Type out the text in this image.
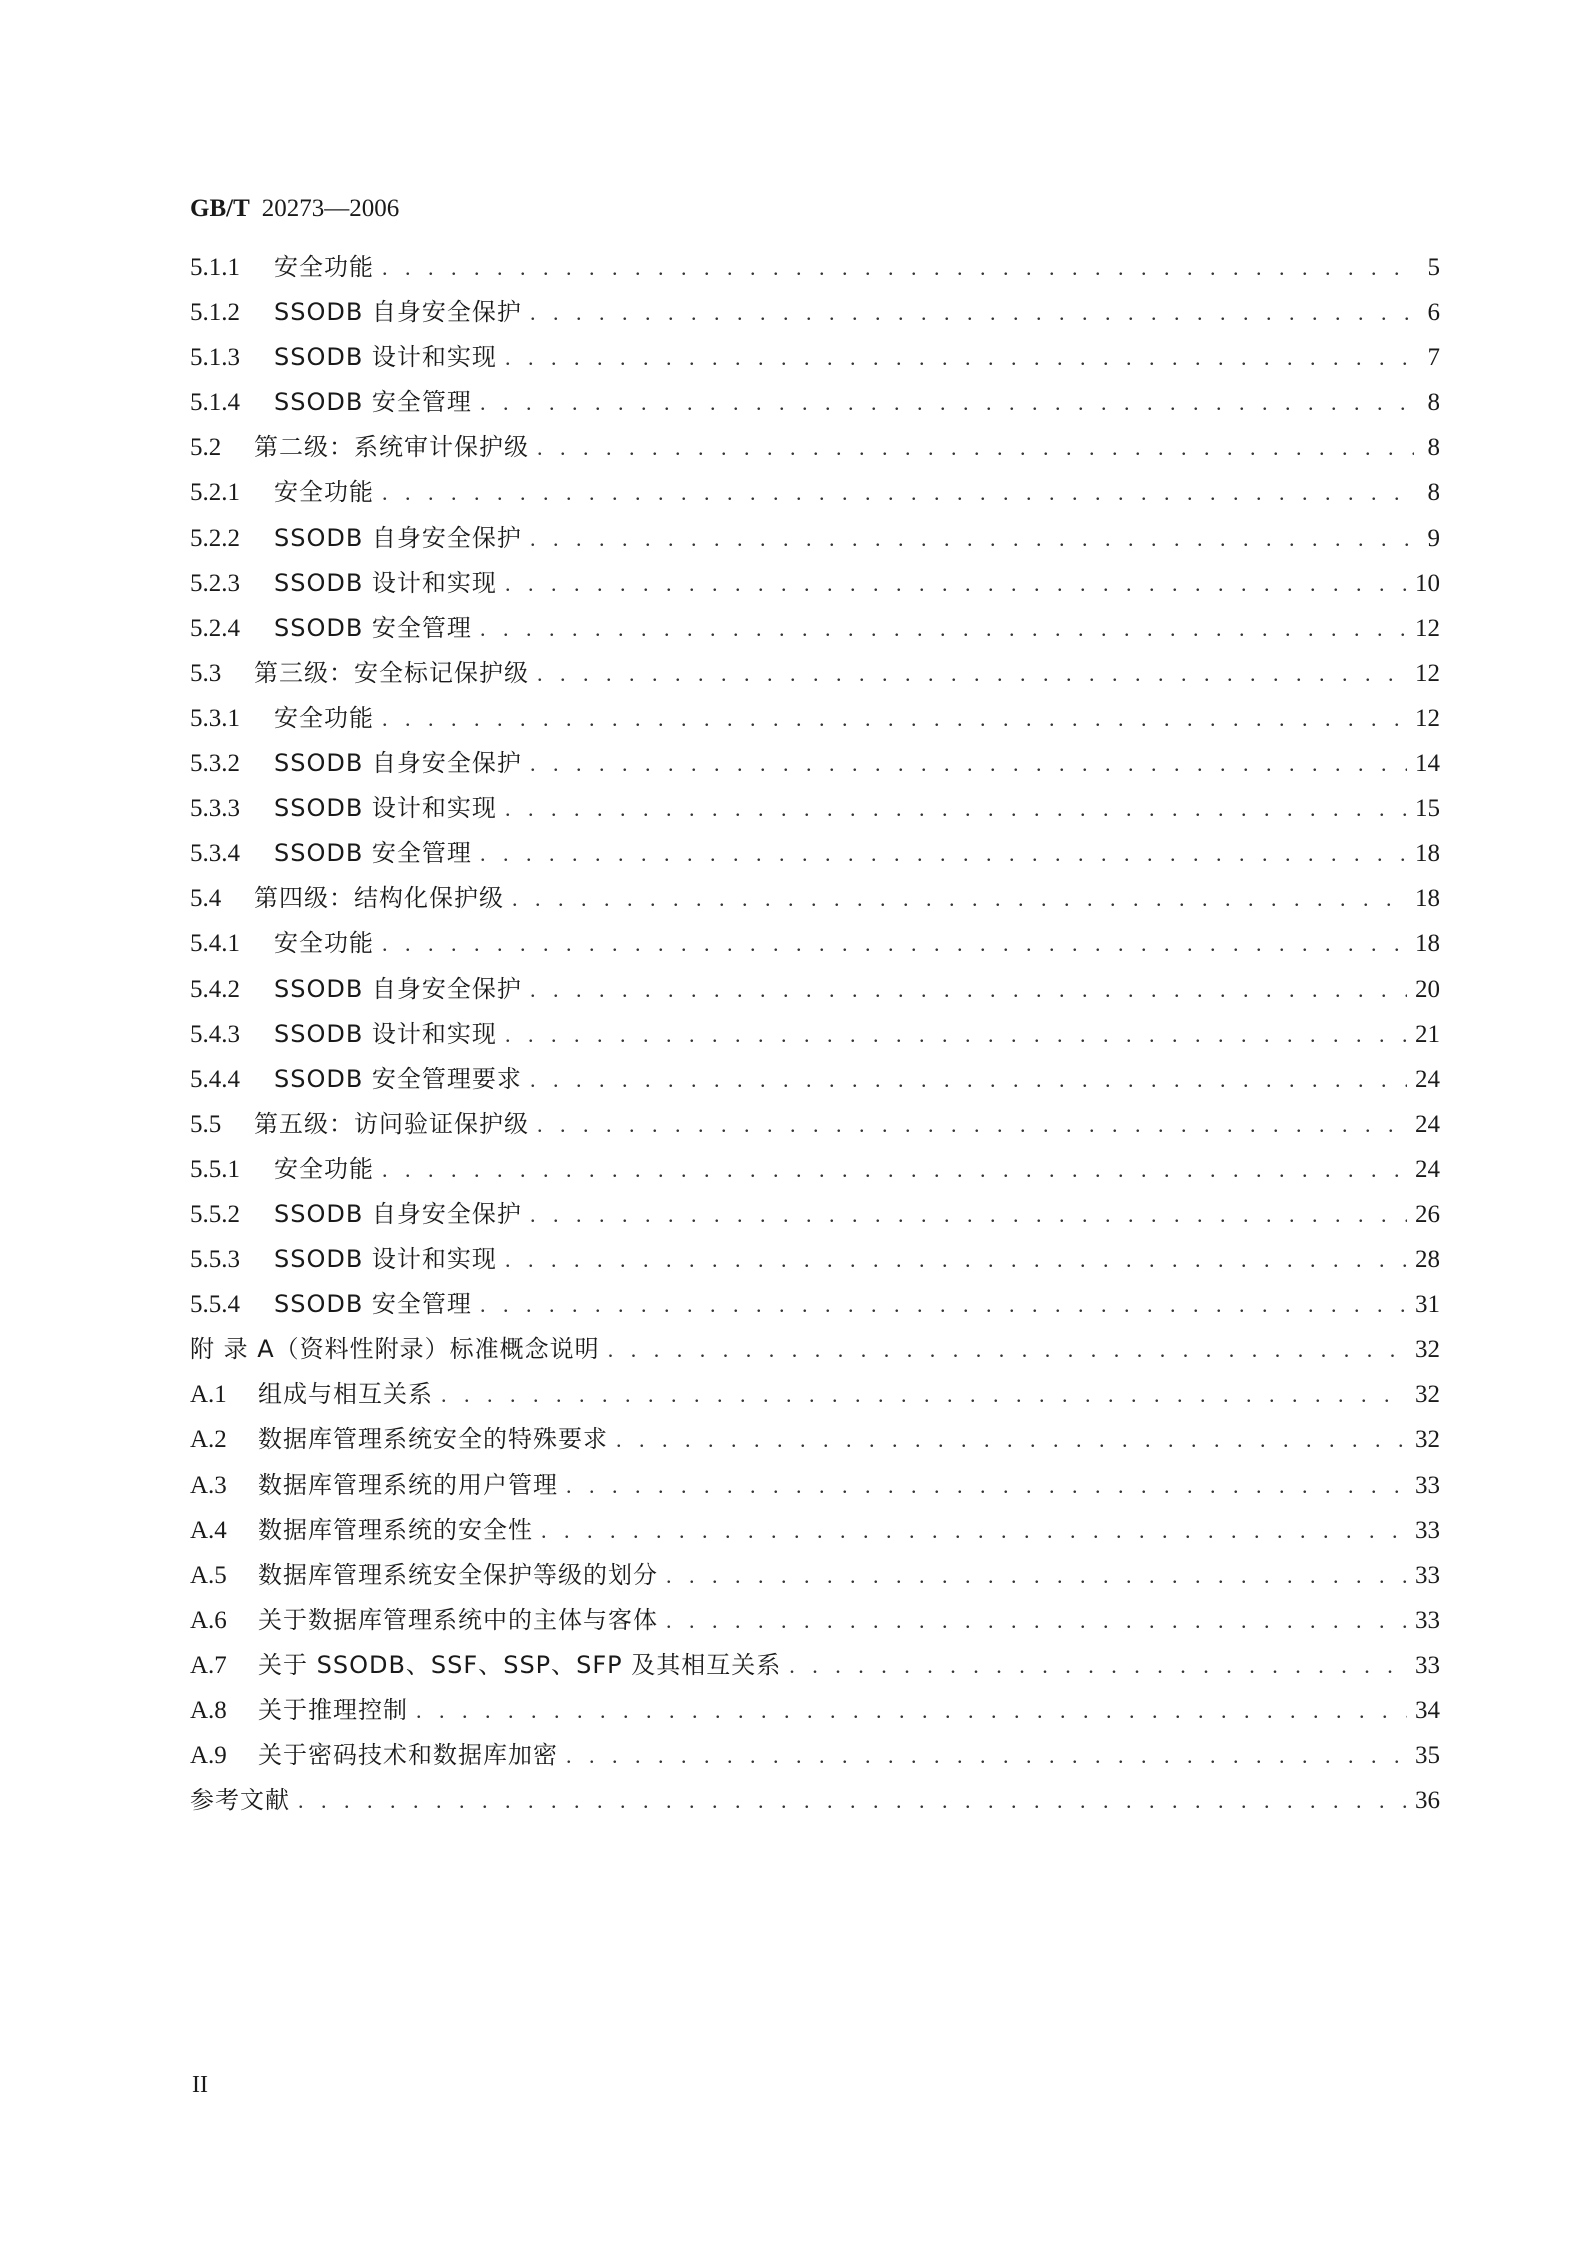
GB/T 20273—2006
5.1.1	安全功能 . . .	5
5.1.2	SSODB 自身安全保护 . . .	6
5.1.3	SSODB 设计和实现 . . .	7
5.1.4	SSODB 安全管理 . . .	8
5.2	第二级：系统审计保护级 . . .	8
5.2.1	安全功能 . . .	8
5.2.2	SSODB 自身安全保护 . . .	9
5.2.3	SSODB 设计和实现 . . .	10
5.2.4	SSODB 安全管理 . . .	12
5.3	第三级：安全标记保护级 . . .	12
5.3.1	安全功能 . . .	12
5.3.2	SSODB 自身安全保护 . . .	14
5.3.3	SSODB 设计和实现 . . .	15
5.3.4	SSODB 安全管理 . . .	18
5.4	第四级：结构化保护级 . . .	18
5.4.1	安全功能 . . .	18
5.4.2	SSODB 自身安全保护 . . .	20
5.4.3	SSODB 设计和实现 . . .	21
5.4.4	SSODB 安全管理要求 . . .	24
5.5	第五级：访问验证保护级 . . .	24
5.5.1	安全功能 . . .	24
5.5.2	SSODB 自身安全保护 . . .	26
5.5.3	SSODB 设计和实现 . . .	28
5.5.4	SSODB 安全管理 . . .	31
附 录 A（资料性附录）标准概念说明 . . .	32
A.1	组成与相互关系 . . .	32
A.2	数据库管理系统安全的特殊要求 . . .	32
A.3	数据库管理系统的用户管理 . . .	33
A.4	数据库管理系统的安全性 . . .	33
A.5	数据库管理系统安全保护等级的划分 . . .	33
A.6	关于数据库管理系统中的主体与客体 . . .	33
A.7	关于 SSODB、SSF、SSP、SFP 及其相互关系 . . .	33
A.8	关于推理控制 . . .	34
A.9	关于密码技术和数据库加密 . . .	35
参考文献 . . .	36
II
